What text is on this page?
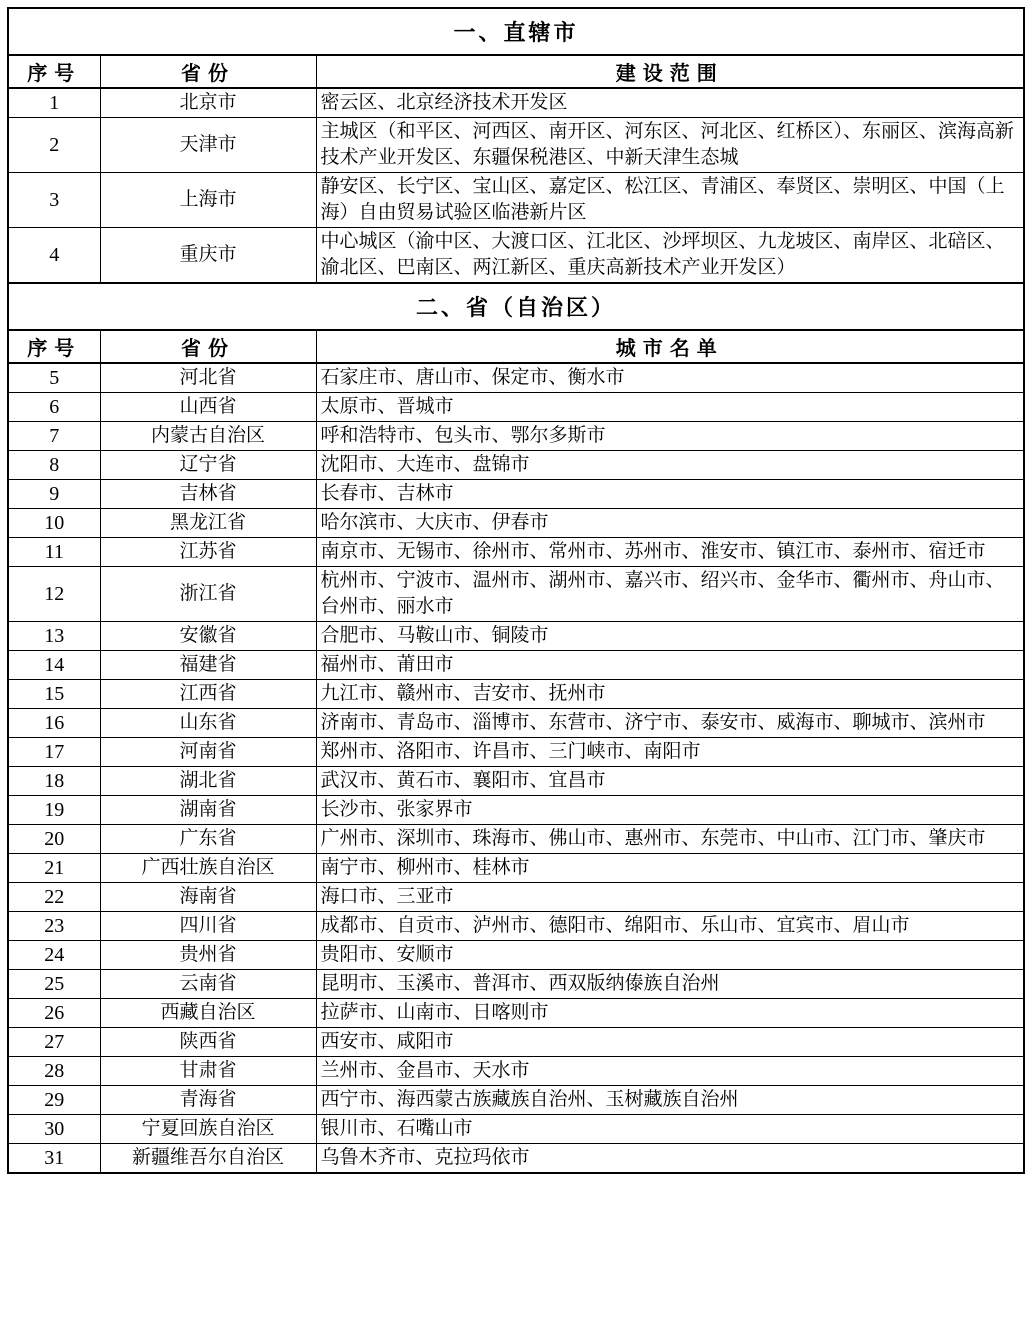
一、直辖市		
序号	省份	建设范围
1	北京市	密云区、北京经济技术开发区
2	天津市	主城区（和平区、河西区、南开区、河东区、河北区、红桥区）、东丽区、滨海高新技术产业开发区、东疆保税港区、中新天津生态城
3	上海市	静安区、长宁区、宝山区、嘉定区、松江区、青浦区、奉贤区、崇明区、中国（上海）自由贸易试验区临港新片区
4	重庆市	中心城区（渝中区、大渡口区、江北区、沙坪坝区、九龙坡区、南岸区、北碚区、渝北区、巴南区、两江新区、重庆高新技术产业开发区）
二、省（自治区）		
序号	省份	城市名单
5	河北省	石家庄市、唐山市、保定市、衡水市
6	山西省	太原市、晋城市
7	内蒙古自治区	呼和浩特市、包头市、鄂尔多斯市
8	辽宁省	沈阳市、大连市、盘锦市
9	吉林省	长春市、吉林市
10	黑龙江省	哈尔滨市、大庆市、伊春市
11	江苏省	南京市、无锡市、徐州市、常州市、苏州市、淮安市、镇江市、泰州市、宿迁市
12	浙江省	杭州市、宁波市、温州市、湖州市、嘉兴市、绍兴市、金华市、衢州市、舟山市、台州市、丽水市
13	安徽省	合肥市、马鞍山市、铜陵市
14	福建省	福州市、莆田市
15	江西省	九江市、赣州市、吉安市、抚州市
16	山东省	济南市、青岛市、淄博市、东营市、济宁市、泰安市、威海市、聊城市、滨州市
17	河南省	郑州市、洛阳市、许昌市、三门峡市、南阳市
18	湖北省	武汉市、黄石市、襄阳市、宜昌市
19	湖南省	长沙市、张家界市
20	广东省	广州市、深圳市、珠海市、佛山市、惠州市、东莞市、中山市、江门市、肇庆市
21	广西壮族自治区	南宁市、柳州市、桂林市
22	海南省	海口市、三亚市
23	四川省	成都市、自贡市、泸州市、德阳市、绵阳市、乐山市、宜宾市、眉山市
24	贵州省	贵阳市、安顺市
25	云南省	昆明市、玉溪市、普洱市、西双版纳傣族自治州
26	西藏自治区	拉萨市、山南市、日喀则市
27	陕西省	西安市、咸阳市
28	甘肃省	兰州市、金昌市、天水市
29	青海省	西宁市、海西蒙古族藏族自治州、玉树藏族自治州
30	宁夏回族自治区	银川市、石嘴山市
31	新疆维吾尔自治区	乌鲁木齐市、克拉玛依市
